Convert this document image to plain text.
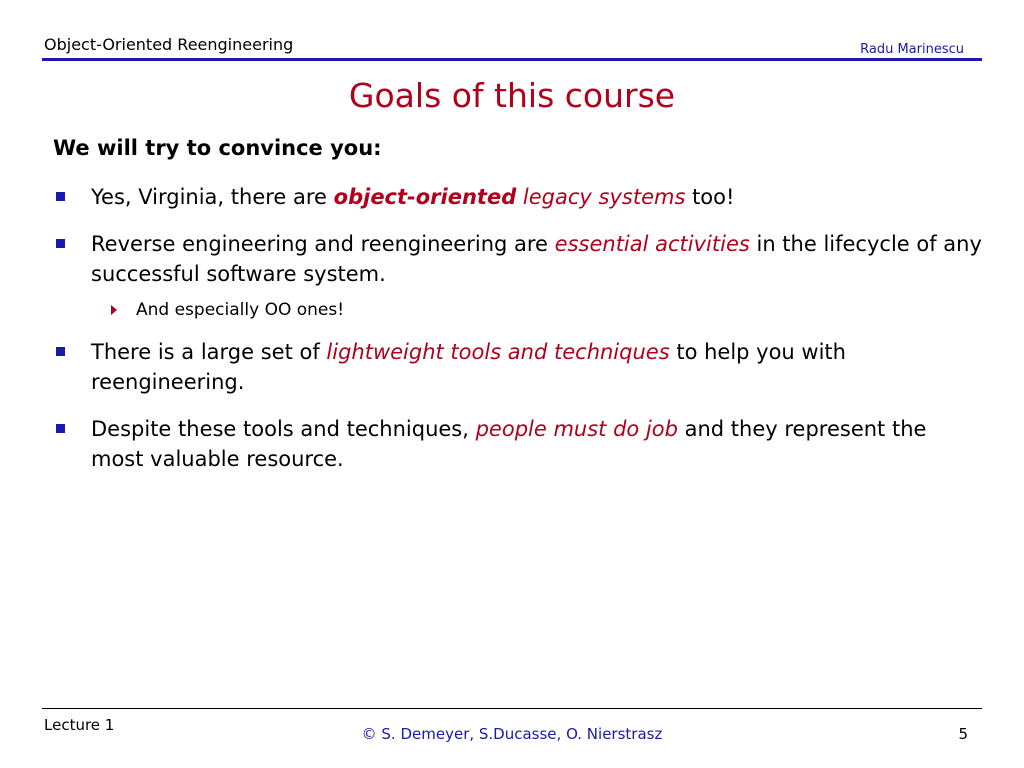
Object-Oriented Reengineering	Radu Marinescu
Goals of this course
We will try to convince you:
Yes, Virginia, there are object-oriented legacy systems too!
Reverse engineering and reengineering are essential activities in the lifecycle of any successful software system.
And especially OO ones!
There is a large set of lightweight tools and techniques to help you with reengineering.
Despite these tools and techniques, people must do job and they represent the most valuable resource.
Lecture 1	© S. Demeyer, S.Ducasse, O. Nierstrasz	5
